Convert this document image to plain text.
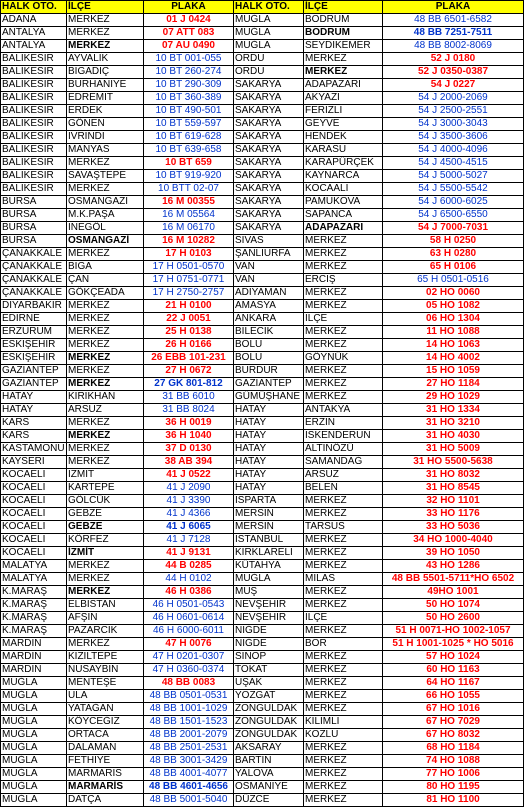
HALK OTO.	İLÇE	PLAKA	HALK OTO.	İLÇE	PLAKA
ADANA	MERKEZ	01 J 0424	MUĞLA	BODRUM	48 BB 6501-6582
ANTALYA	MERKEZ	07 ATT 083	MUĞLA	BODRUM	48 BB 7251-7511
ANTALYA	MERKEZ	07 AU 0490	MUĞLA	SEYDİKEMER	48 BB 8002-8069
BALIKESİR	AYVALIK	10 BT 001-055	ORDU	MERKEZ	52 J 0180
BALIKESİR	BİGADİÇ	10 BT 260-274	ORDU	MERKEZ	52 J 0350-0387
BALIKESİR	BURHANİYE	10 BT 290-309	SAKARYA	ADAPAZARI	54 J 0227
BALIKESİR	EDREMİT	10 BT 360-389	SAKARYA	AKYAZI	54 J 2000-2069
BALIKESİR	ERDEK	10 BT 490-501	SAKARYA	FERİZLİ	54 J 2500-2551
BALIKESİR	GÖNEN	10 BT 559-597	SAKARYA	GEYVE	54 J 3000-3043
BALIKESİR	İVRİNDİ	10 BT 619-628	SAKARYA	HENDEK	54 J 3500-3606
BALIKESİR	MANYAS	10 BT 639-658	SAKARYA	KARASU	54 J 4000-4096
BALIKESİR	MERKEZ	10 BT 659	SAKARYA	KARAPÜRÇEK	54 J 4500-4515
BALIKESİR	SAVAŞTEPE	10 BT 919-920	SAKARYA	KAYNARCA	54 J 5000-5027
BALIKESİR	MERKEZ	10 BTT 02-07	SAKARYA	KOCAALİ	54 J 5500-5542
BURSA	OSMANGAZİ	16 M 00355	SAKARYA	PAMUKOVA	54 J 6000-6025
BURSA	M.K.PAŞA	16 M 05564	SAKARYA	SAPANCA	54 J 6500-6550
BURSA	İNEGÖL	16 M 06170	SAKARYA	ADAPAZARI	54 J 7000-7031
BURSA	OSMANGAZİ	16 M 10282	SİVAS	MERKEZ	58 H 0250
ÇANAKKALE	MERKEZ	17 H 0103	ŞANLIURFA	MERKEZ	63 H 0280
ÇANAKKALE	BİGA	17 H 0501-0570	VAN	MERKEZ	65 H 0106
ÇANAKKALE	ÇAN	17 H 0751-0771	VAN	ERCİŞ	65 H 0501-0516
ÇANAKKALE	GÖKÇEADA	17 H 2750-2757	ADIYAMAN	MERKEZ	02 HO 0060
DİYARBAKIR	MERKEZ	21 H 0100	AMASYA	MERKEZ	05 HO 1082
EDİRNE	MERKEZ	22 J 0051	ANKARA	İLÇE	06 HO 1304
ERZURUM	MERKEZ	25 H 0138	BİLECİK	MERKEZ	11 HO 1088
ESKİŞEHİR	MERKEZ	26 H 0166	BOLU	MERKEZ	14 HO 1063
ESKİŞEHİR	MERKEZ	26 EBB 101-231	BOLU	GÖYNÜK	14 HO 4002
GAZİANTEP	MERKEZ	27 H 0672	BURDUR	MERKEZ	15 HO 1059
GAZİANTEP	MERKEZ	27 GK 801-812	GAZİANTEP	MERKEZ	27 HO 1184
HATAY	KIRIKHAN	31 BB 6010	GÜMÜŞHANE	MERKEZ	29 HO 1029
HATAY	ARSUZ	31 BB 8024	HATAY	ANTAKYA	31 HO 1334
KARS	MERKEZ	36 H 0019	HATAY	ERZİN	31 HO 3210
KARS	MERKEZ	36 H 1040	HATAY	İSKENDERUN	31 HO 4030
KASTAMONU	MERKEZ	37 D 0130	HATAY	ALTINÖZÜ	31 HO 5009
KAYSERİ	MERKEZ	38 AB 394	HATAY	SAMANDAĞ	31 HO 5500-5638
KOCAELİ	İZMİT	41 J 0522	HATAY	ARSUZ	31 HO 8032
KOCAELİ	KARTEPE	41 J 2090	HATAY	BELEN	31 HO 8545
KOCAELİ	GÖLCÜK	41 J 3390	ISPARTA	MERKEZ	32 HO 1101
KOCAELİ	GEBZE	41 J 4366	MERSİN	MERKEZ	33 HO 1176
KOCAELİ	GEBZE	41 J 6065	MERSİN	TARSUS	33 HO 5036
KOCAELİ	KÖRFEZ	41 J 7128	İSTANBUL	MERKEZ	34 HO 1000-4040
KOCAELİ	İZMİT	41 J 9131	KIRKLARELİ	MERKEZ	39 HO 1050
MALATYA	MERKEZ	44 B 0285	KÜTAHYA	MERKEZ	43 HO 1286
MALATYA	MERKEZ	44 H 0102	MUĞLA	MİLAS	48 BB 5501-5711*HO 6502
K.MARAŞ	MERKEZ	46 H 0386	MUŞ	MERKEZ	49HO 1001
K.MARAŞ	ELBİSTAN	46 H 0501-0543	NEVŞEHİR	MERKEZ	50 HO 1074
K.MARAŞ	AFŞİN	46 H 0601-0614	NEVŞEHİR	İLÇE	50 HO 2600
K.MARAŞ	PAZARCIK	46 H 6000-6011	NİĞDE	MERKEZ	51 H 0071-HO 1002-1057
MARDİN	MERKEZ	47 H 0076	NİĞDE	BOR	51 H 1001-1025 * HO 5016
MARDİN	KIZILTEPE	47 H 0201-0307	SİNOP	MERKEZ	57 HO 1024
MARDİN	NUSAYBİN	47 H 0360-0374	TOKAT	MERKEZ	60 HO 1163
MUĞLA	MENTEŞE	48 BB 0083	UŞAK	MERKEZ	64 HO 1167
MUĞLA	ULA	48 BB 0501-0531	YOZGAT	MERKEZ	66 HO 1055
MUĞLA	YATAĞAN	48 BB 1001-1029	ZONGULDAK	MERKEZ	67 HO 1016
MUĞLA	KÖYCEĞİZ	48 BB 1501-1523	ZONGULDAK	KİLİMLİ	67 HO 7029
MUĞLA	ORTACA	48 BB 2001-2079	ZONGULDAK	KOZLU	67 HO 8032
MUĞLA	DALAMAN	48 BB 2501-2531	AKSARAY	MERKEZ	68 HO 1184
MUĞLA	FETHİYE	48 BB 3001-3429	BARTIN	MERKEZ	74 HO 1088
MUĞLA	MARMARİS	48 BB 4001-4077	YALOVA	MERKEZ	77 HO 1006
MUĞLA	MARMARİS	48 BB 4601-4656	OSMANİYE	MERKEZ	80 HO 1195
MUĞLA	DATÇA	48 BB 5001-5040	DÜZCE	MERKEZ	81 HO 1100
